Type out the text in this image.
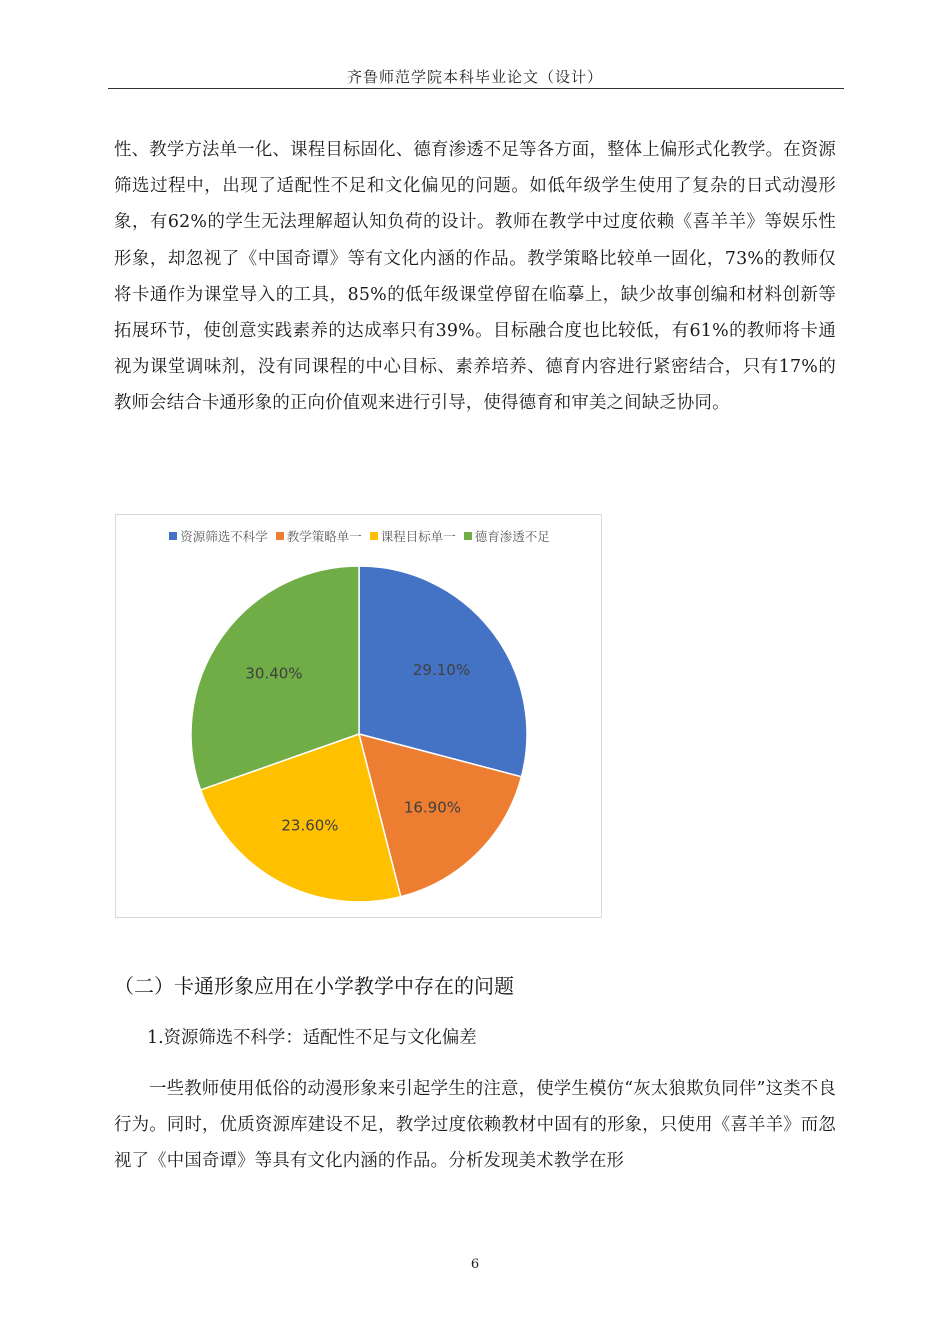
齐鲁师范学院本科毕业论文（设计）

性、教学方法单一化、课程目标固化、德育渗透不足等各方面，整体上偏形式化教学。在资源筛选过程中，出现了适配性不足和文化偏见的问题。如低年级学生使用了复杂的日式动漫形象，有62%的学生无法理解超认知负荷的设计。教师在教学中过度依赖《喜羊羊》等娱乐性形象，却忽视了《中国奇谭》等有文化内涵的作品。教学策略比较单一固化，73%的教师仅将卡通作为课堂导入的工具，85%的低年级课堂停留在临摹上，缺少故事创编和材料创新等拓展环节，使创意实践素养的达成率只有39%。目标融合度也比较低，有61%的教师将卡通视为课堂调味剂，没有同课程的中心目标、素养培养、德育内容进行紧密结合，只有17%的教师会结合卡通形象的正向价值观来进行引导，使得德育和审美之间缺乏协同。

资源筛选不科学 教学策略单一 课程目标单一 德育渗透不足
29.10%
16.90%
23.60%
30.40%
（二）卡通形象应用在小学教学中存在的问题
1.资源筛选不科学：适配性不足与文化偏差

一些教师使用低俗的动漫形象来引起学生的注意，使学生模仿“灰太狼欺负同伴”这类不良行为。同时，优质资源库建设不足，教学过度依赖教材中固有的形象，只使用《喜羊羊》而忽视了《中国奇谭》等具有文化内涵的作品。分析发现美术教学在形

6
